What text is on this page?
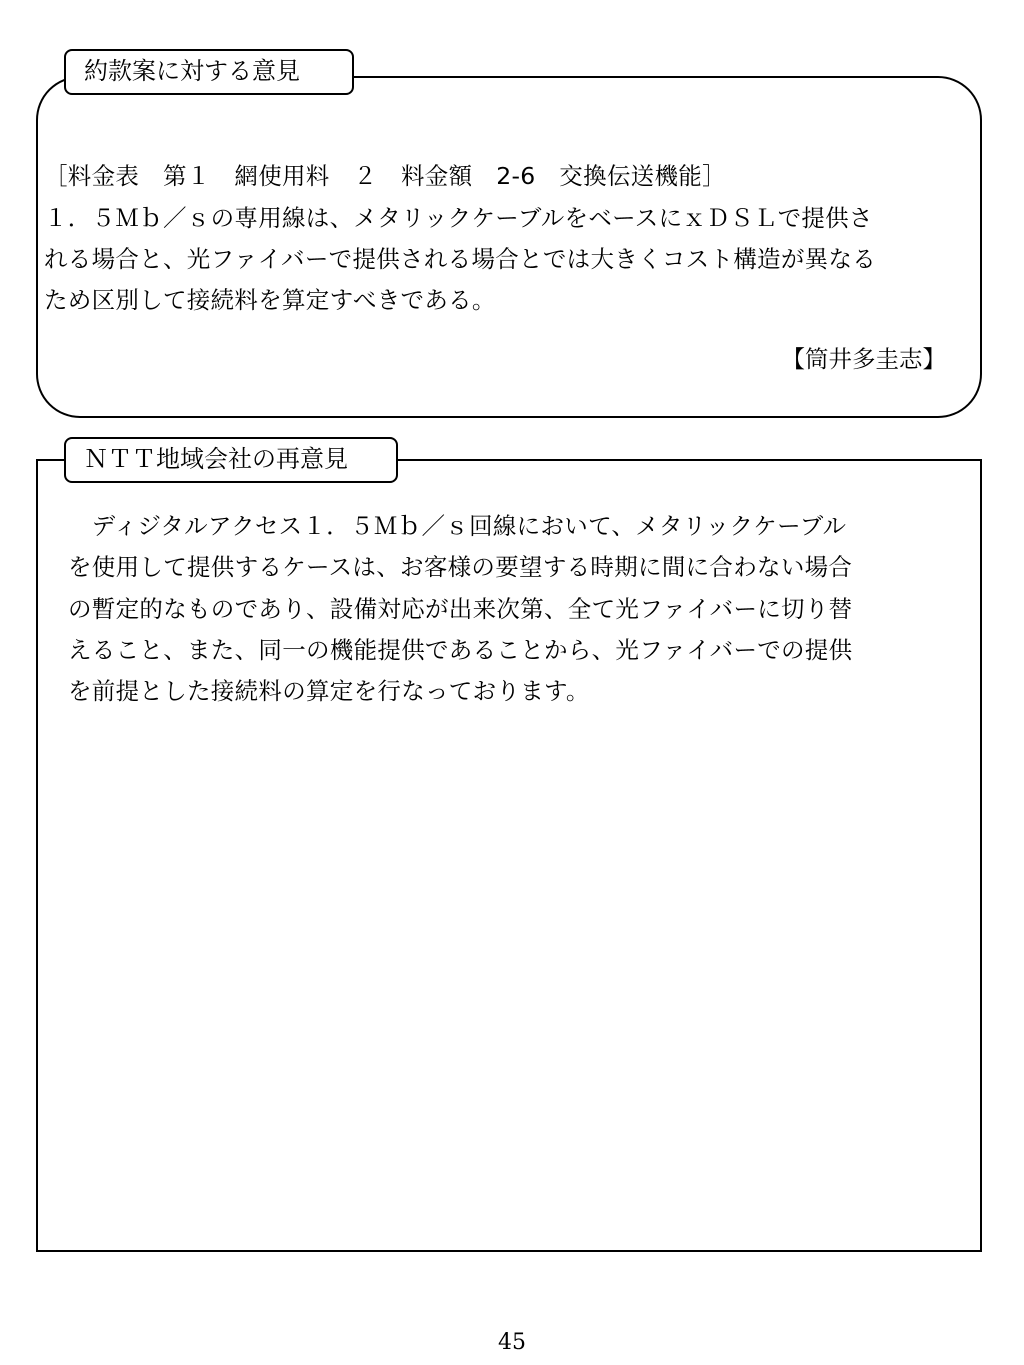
約款案に対する意見
［料金表　第１　網使用料　２　料金額　2-6　交換伝送機能］
１．５Ｍｂ／ｓの専用線は、メタリックケーブルをベースにｘＤＳＬで提供さ
れる場合と、光ファイバーで提供される場合とでは大きくコスト構造が異なる
ため区別して接続料を算定すべきである。
【筒井多圭志】
ＮＴＴ地域会社の再意見
　ディジタルアクセス１．５Ｍｂ／ｓ回線において、メタリックケーブル
を使用して提供するケースは、お客様の要望する時期に間に合わない場合
の暫定的なものであり、設備対応が出来次第、全て光ファイバーに切り替
えること、また、同一の機能提供であることから、光ファイバーでの提供
を前提とした接続料の算定を行なっております。
45
